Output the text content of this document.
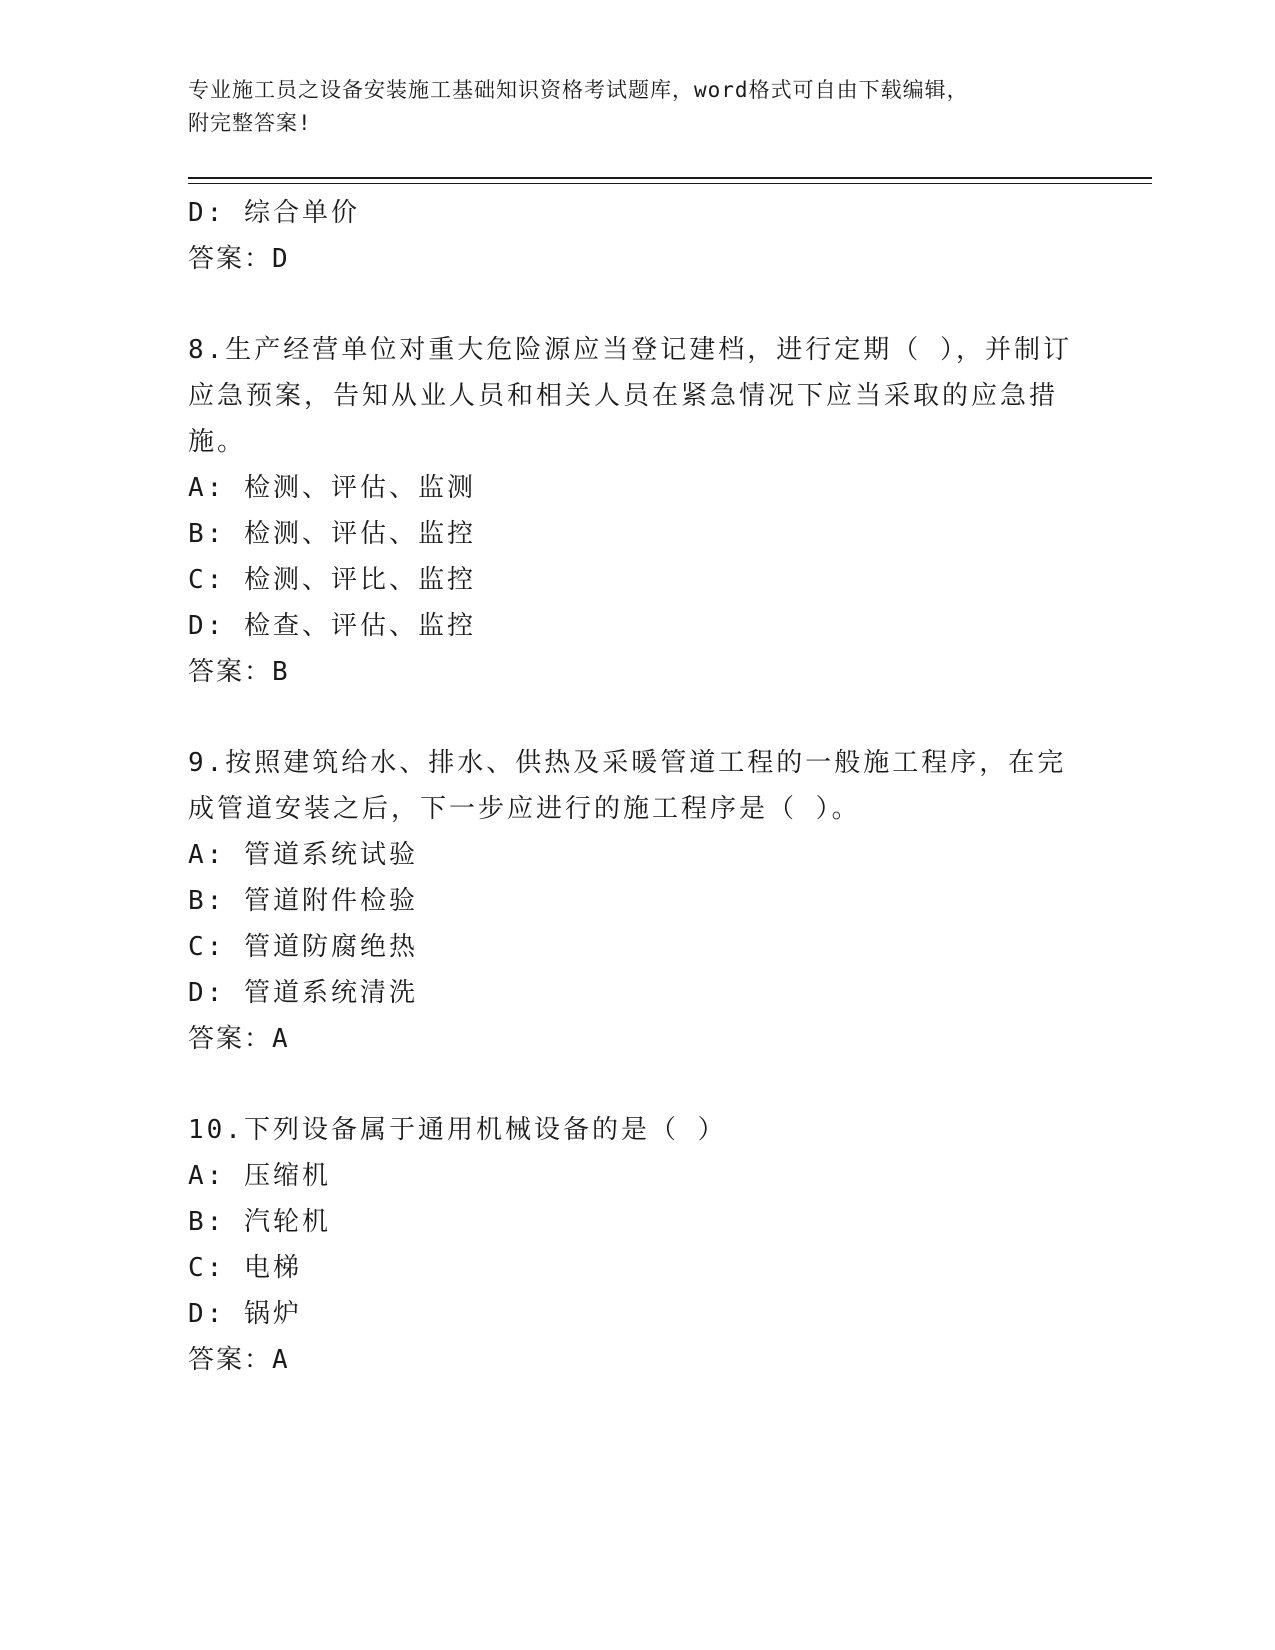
专业施工员之设备安装施工基础知识资格考试题库，word格式可自由下载编辑，
附完整答案!
D: 综合单价
答案：D
8.生产经营单位对重大危险源应当登记建档，进行定期（ ），并制订
应急预案，告知从业人员和相关人员在紧急情况下应当采取的应急措
施。
A: 检测、评估、监测
B: 检测、评估、监控
C: 检测、评比、监控
D: 检查、评估、监控
答案：B
9.按照建筑给水、排水、供热及采暖管道工程的一般施工程序，在完
成管道安装之后，下一步应进行的施工程序是（ ）。
A: 管道系统试验
B: 管道附件检验
C: 管道防腐绝热
D: 管道系统清洗
答案：A
10.下列设备属于通用机械设备的是（ ）
A: 压缩机
B: 汽轮机
C: 电梯
D: 锅炉
答案：A
